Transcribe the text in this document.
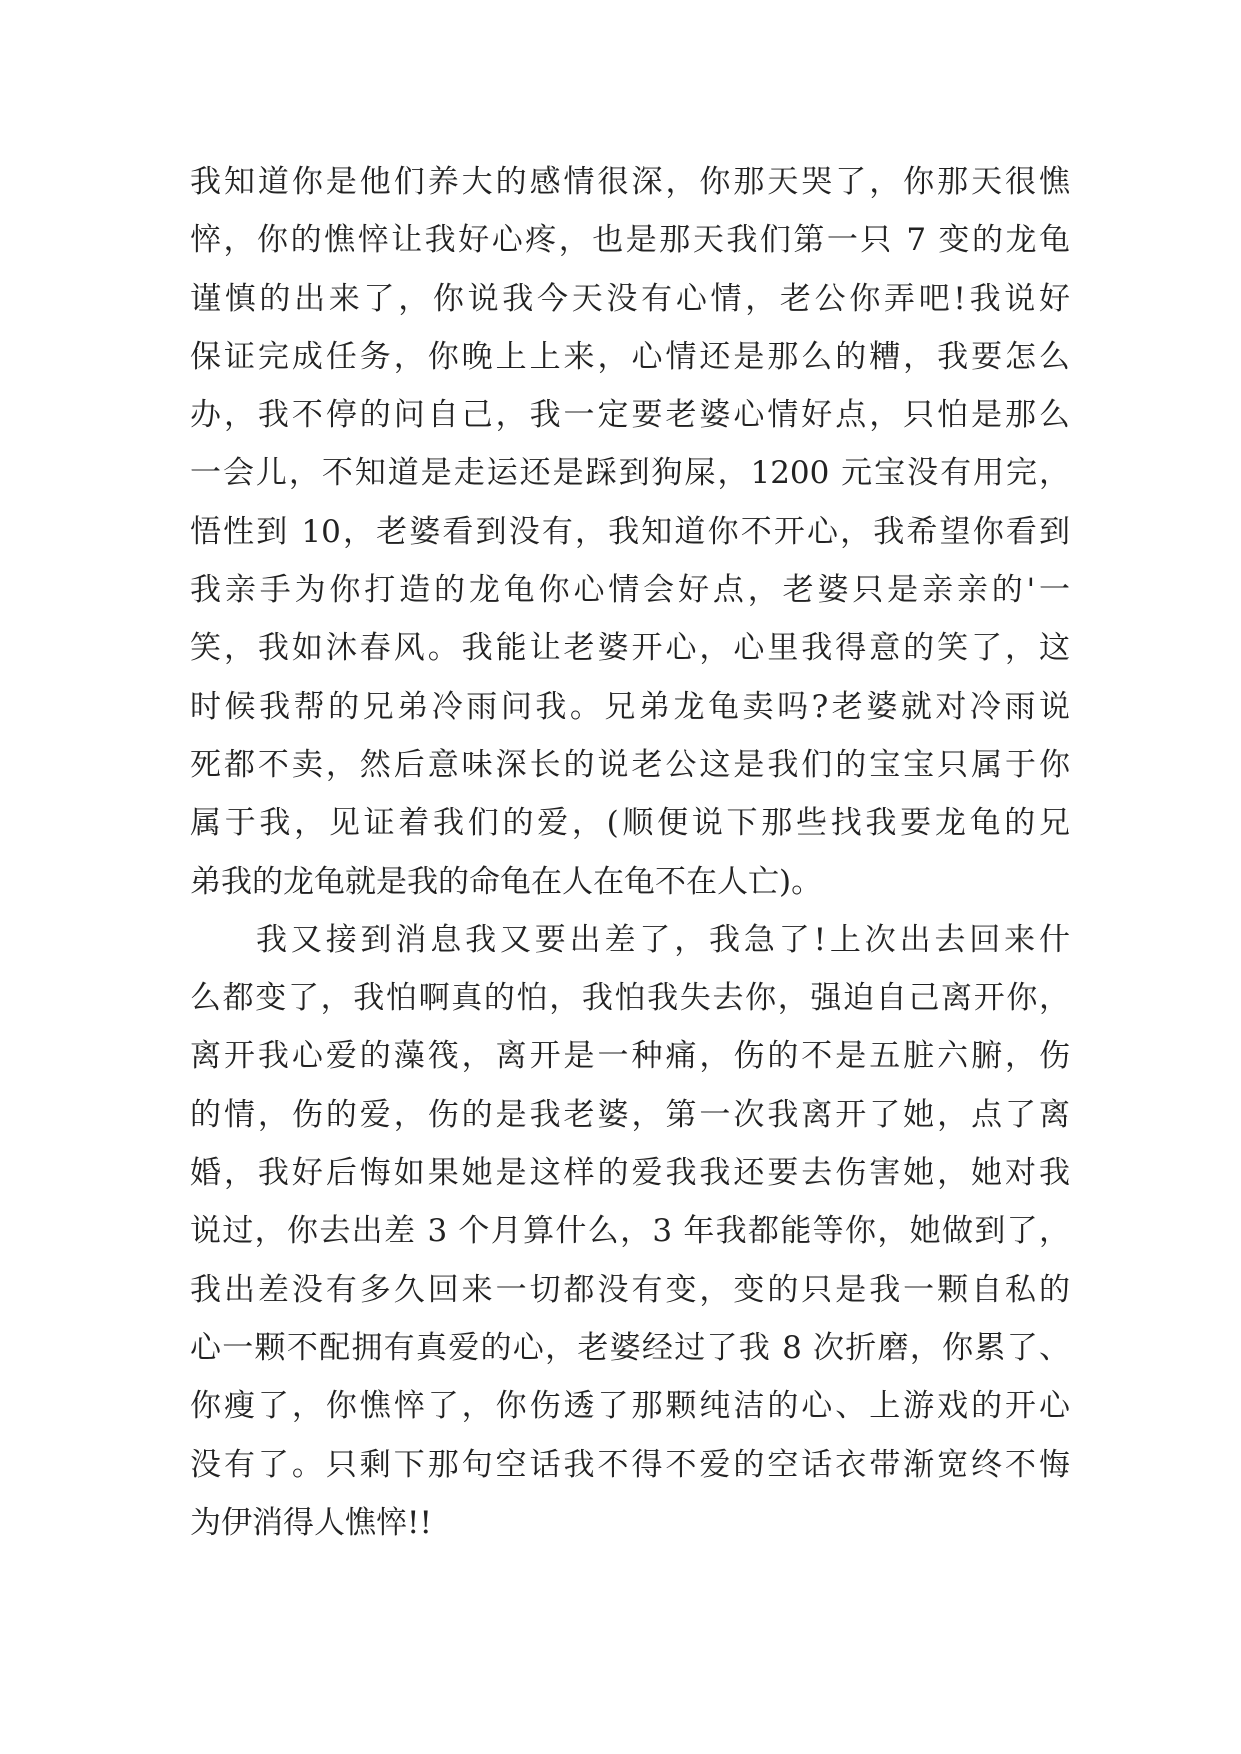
我知道你是他们养大的感情很深，你那天哭了，你那天很憔
悴，你的憔悴让我好心疼，也是那天我们第一只 7 变的龙龟
谨慎的出来了，你说我今天没有心情，老公你弄吧!我说好
保证完成任务，你晚上上来，心情还是那么的糟，我要怎么
办，我不停的问自己，我一定要老婆心情好点，只怕是那么
一会儿，不知道是走运还是踩到狗屎，1200 元宝没有用完，
悟性到 10，老婆看到没有，我知道你不开心，我希望你看到
我亲手为你打造的龙龟你心情会好点，老婆只是亲亲的'一
笑，我如沐春风。我能让老婆开心，心里我得意的笑了，这
时候我帮的兄弟冷雨问我。兄弟龙龟卖吗?老婆就对冷雨说
死都不卖，然后意味深长的说老公这是我们的宝宝只属于你
属于我，见证着我们的爱，(顺便说下那些找我要龙龟的兄
弟我的龙龟就是我的命龟在人在龟不在人亡)。
我又接到消息我又要出差了，我急了!上次出去回来什
么都变了，我怕啊真的怕，我怕我失去你，强迫自己离开你，
离开我心爱的藻筏，离开是一种痛，伤的不是五脏六腑，伤
的情，伤的爱，伤的是我老婆，第一次我离开了她，点了离
婚，我好后悔如果她是这样的爱我我还要去伤害她，她对我
说过，你去出差 3 个月算什么，3 年我都能等你，她做到了，
我出差没有多久回来一切都没有变，变的只是我一颗自私的
心一颗不配拥有真爱的心，老婆经过了我 8 次折磨，你累了、
你瘦了，你憔悴了，你伤透了那颗纯洁的心、上游戏的开心
没有了。只剩下那句空话我不得不爱的空话衣带渐宽终不悔
为伊消得人憔悴!!
